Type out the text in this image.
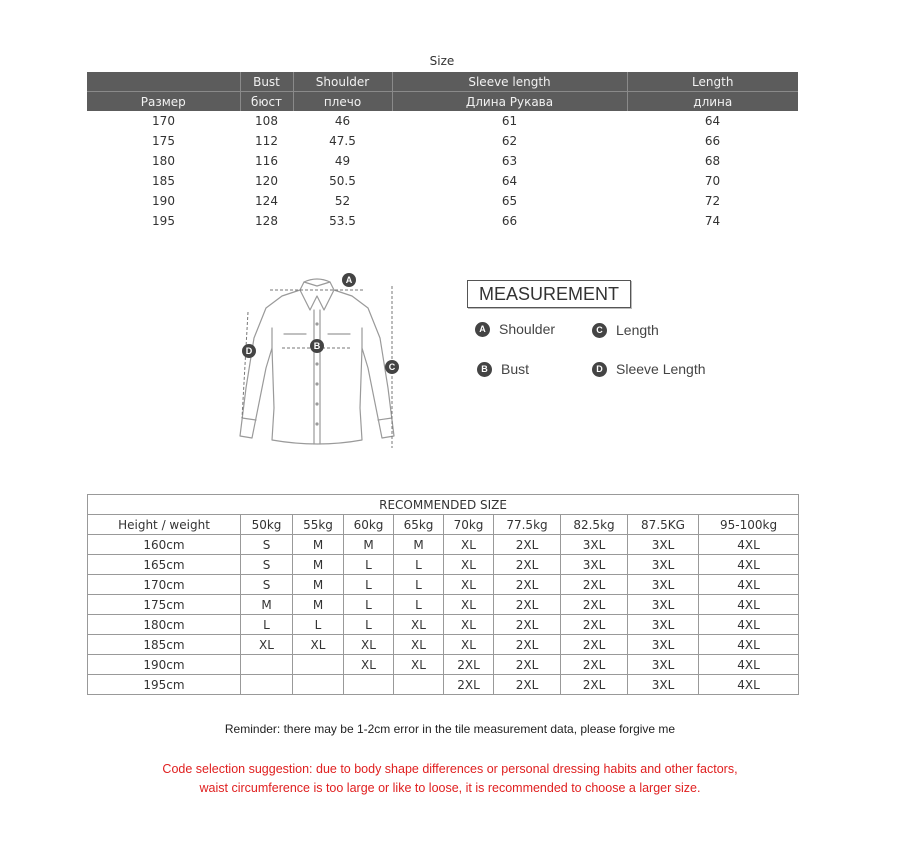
Size
	Bust	Shoulder	Sleeve length	Length
Размер	бюст	плечо	Длина Рукава	длина
170	108	46	61	64
175	112	47.5	62	66
180	116	49	63	68
185	120	50.5	64	70
190	124	52	65	72
195	128	53.5	66	74
A
B
C
D
MEASUREMENT
A Shoulder
B Bust
C Length
D Sleeve Length
RECOMMENDED SIZE									
Height / weight	50kg	55kg	60kg	65kg	70kg	77.5kg	82.5kg	87.5KG	95-100kg
160cm	S	M	M	M	XL	2XL	3XL	3XL	4XL
165cm	S	M	L	L	XL	2XL	3XL	3XL	4XL
170cm	S	M	L	L	XL	2XL	2XL	3XL	4XL
175cm	M	M	L	L	XL	2XL	2XL	3XL	4XL
180cm	L	L	L	XL	XL	2XL	2XL	3XL	4XL
185cm	XL	XL	XL	XL	XL	2XL	2XL	3XL	4XL
190cm			XL	XL	2XL	2XL	2XL	3XL	4XL
195cm					2XL	2XL	2XL	3XL	4XL
Reminder: there may be 1-2cm error in the tile measurement data, please forgive me
Code selection suggestion: due to body shape differences or personal dressing habits and other factors, waist circumference is too large or like to loose, it is recommended to choose a larger size.
